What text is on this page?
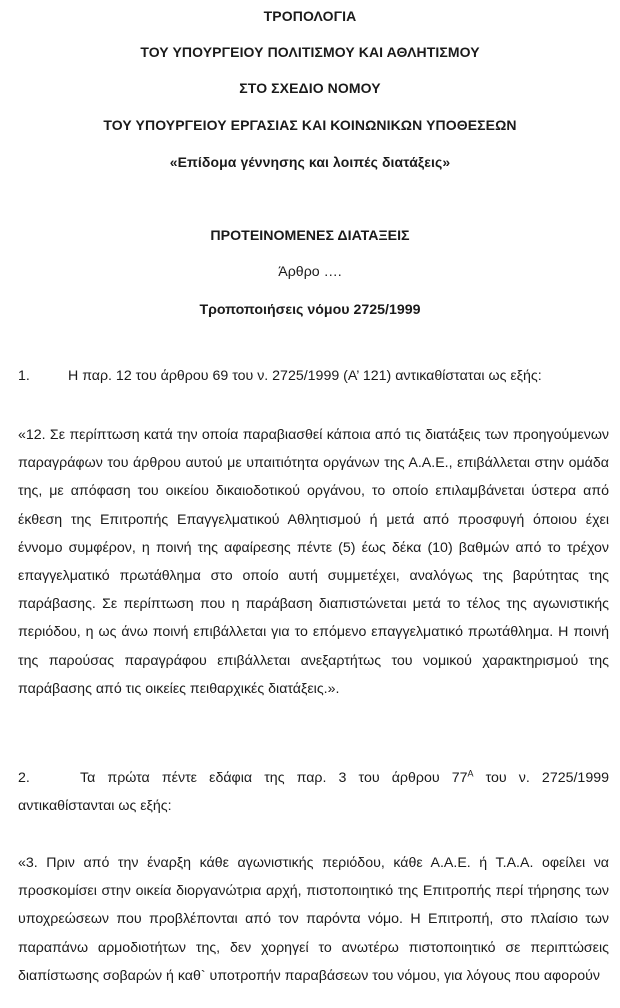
ΤΡΟΠΟΛΟΓΙΑ
ΤΟΥ ΥΠΟΥΡΓΕΙΟΥ ΠΟΛΙΤΙΣΜΟΥ ΚΑΙ ΑΘΛΗΤΙΣΜΟΥ
ΣΤΟ ΣΧΕΔΙΟ ΝΟΜΟΥ
ΤΟΥ ΥΠΟΥΡΓΕΙΟΥ ΕΡΓΑΣΙΑΣ ΚΑΙ ΚΟΙΝΩΝΙΚΩΝ ΥΠΟΘΕΣΕΩΝ
«Επίδομα γέννησης και λοιπές διατάξεις»
ΠΡΟΤΕΙΝΟΜΕΝΕΣ ΔΙΑΤΑΞΕΙΣ
Άρθρο ….
Τροποποιήσεις νόμου 2725/1999
1.	Η παρ. 12 του άρθρου 69 του ν. 2725/1999 (Α’ 121) αντικαθίσταται ως εξής:

«12. Σε περίπτωση κατά την οποία παραβιασθεί κάποια από τις διατάξεις των προηγούμενων παραγράφων του άρθρου αυτού με υπαιτιότητα οργάνων της Α.Α.Ε., επιβάλλεται στην ομάδα της, με απόφαση του οικείου δικαιοδοτικού οργάνου, το οποίο επιλαμβάνεται ύστερα από έκθεση της Επιτροπής Επαγγελματικού Αθλητισμού ή μετά από προσφυγή όποιου έχει έννομο συμφέρον, η ποινή της αφαίρεσης πέντε (5) έως δέκα (10) βαθμών από το τρέχον επαγγελματικό πρωτάθλημα στο οποίο αυτή συμμετέχει, αναλόγως της βαρύτητας της παράβασης. Σε περίπτωση που η παράβαση διαπιστώνεται μετά το τέλος της αγωνιστικής περιόδου, η ως άνω ποινή επιβάλλεται για το επόμενο επαγγελματικό πρωτάθλημα. Η ποινή της παρούσας παραγράφου επιβάλλεται ανεξαρτήτως του νομικού χαρακτηρισμού της παράβασης από τις οικείες πειθαρχικές διατάξεις.».

2.	Τα πρώτα πέντε εδάφια της παρ. 3 του άρθρου $77^A$ του ν. 2725/1999 αντικαθίστανται ως εξής:

«3. Πριν από την έναρξη κάθε αγωνιστικής περιόδου, κάθε Α.Α.Ε. ή Τ.Α.Α. οφείλει να προσκομίσει στην οικεία διοργανώτρια αρχή, πιστοποιητικό της Επιτροπής περί τήρησης των υποχρεώσεων που προβλέπονται από τον παρόντα νόμο. Η Επιτροπή, στο πλαίσιο των παραπάνω αρμοδιοτήτων της, δεν χορηγεί το ανωτέρω πιστοποιητικό σε περιπτώσεις διαπίστωσης σοβαρών ή καθ` υποτροπήν παραβάσεων του νόμου, για λόγους που αφορούν
